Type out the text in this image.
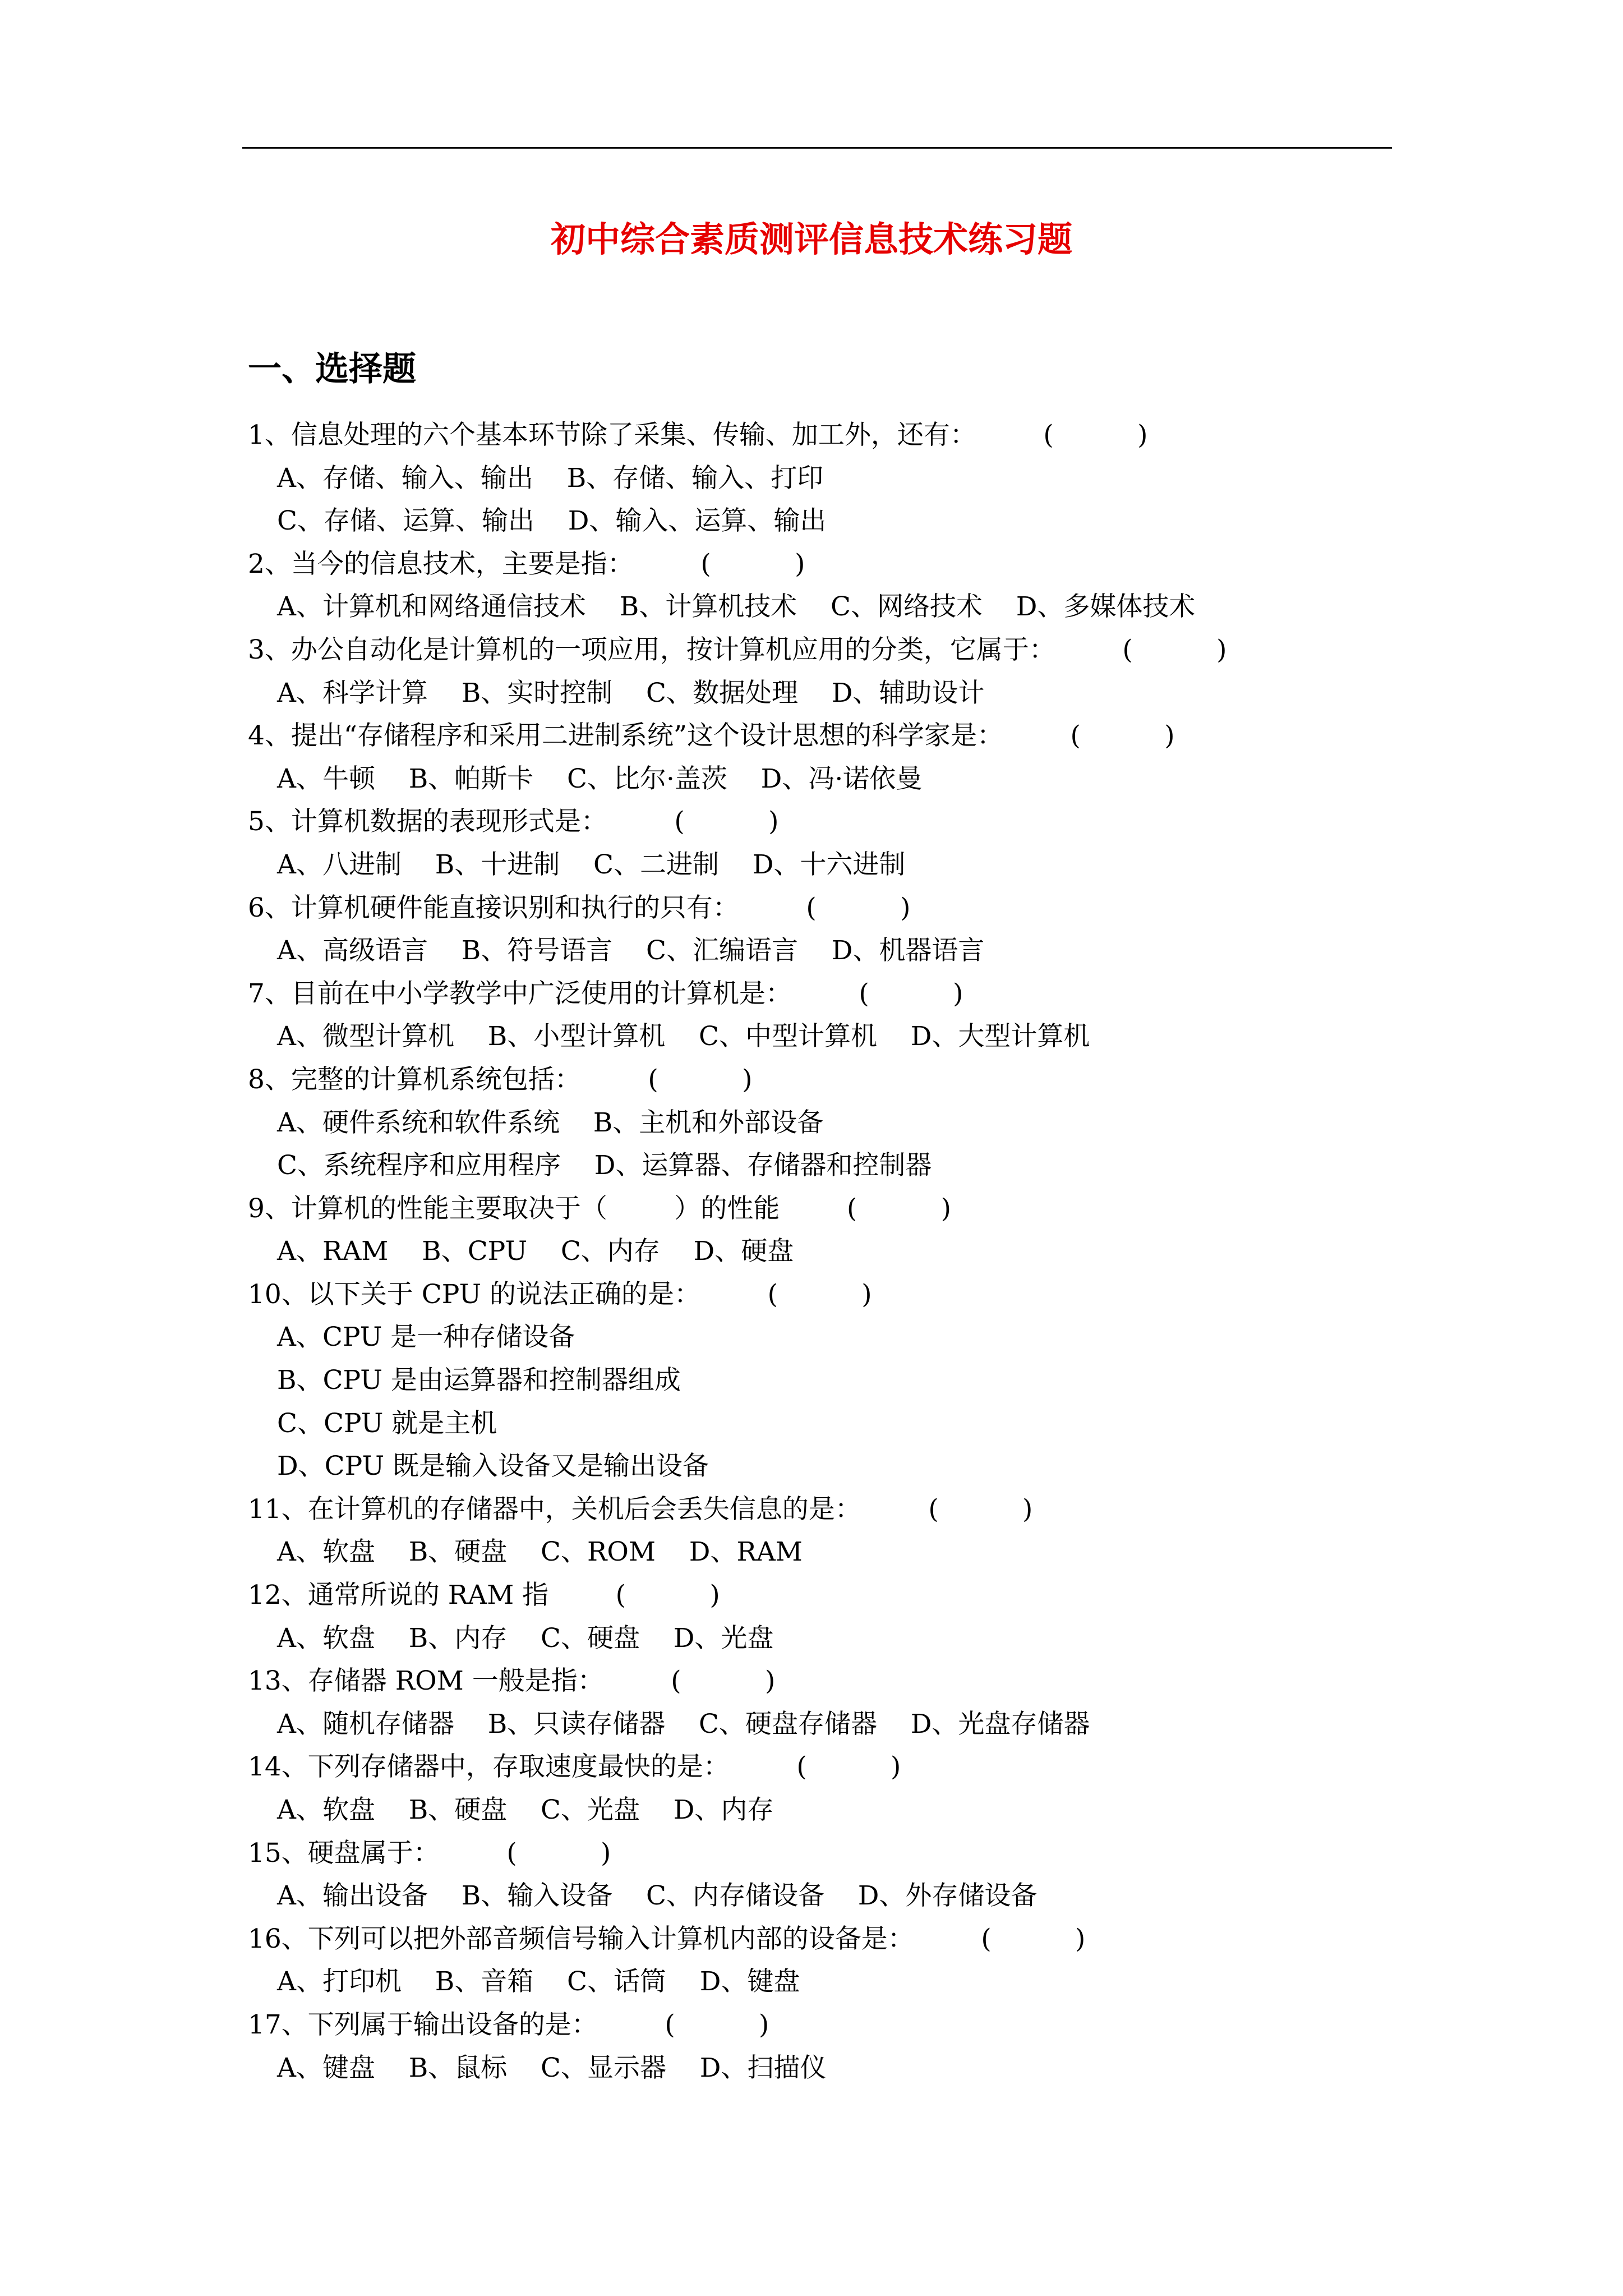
初中综合素质测评信息技术练习题
一、选择题
1、信息处理的六个基本环节除了采集、传输、加工外，还有：        (          )
A、存储、输入、输出    B、存储、输入、打印
C、存储、运算、输出    D、输入、运算、输出
2、当今的信息技术，主要是指：        (          )
A、计算机和网络通信技术    B、计算机技术    C、网络技术    D、多媒体技术
3、办公自动化是计算机的一项应用，按计算机应用的分类，它属于：        (          )
A、科学计算    B、实时控制    C、数据处理    D、辅助设计
4、提出“存储程序和采用二进制系统”这个设计思想的科学家是：        (          )
A、牛顿    B、帕斯卡    C、比尔·盖茨    D、冯·诺依曼
5、计算机数据的表现形式是：        (          )
A、八进制    B、十进制    C、二进制    D、十六进制
6、计算机硬件能直接识别和执行的只有：        (          )
A、高级语言    B、符号语言    C、汇编语言    D、机器语言
7、目前在中小学教学中广泛使用的计算机是：        (          )
A、微型计算机    B、小型计算机    C、中型计算机    D、大型计算机
8、完整的计算机系统包括：        (          )
A、硬件系统和软件系统    B、主机和外部设备
C、系统程序和应用程序    D、运算器、存储器和控制器
9、计算机的性能主要取决于（        ）的性能        (          )
A、RAM    B、CPU    C、内存    D、硬盘
10、以下关于 CPU 的说法正确的是：        (          )
A、CPU 是一种存储设备
B、CPU 是由运算器和控制器组成
C、CPU 就是主机
D、CPU 既是输入设备又是输出设备
11、在计算机的存储器中，关机后会丢失信息的是：        (          )
A、软盘    B、硬盘    C、ROM    D、RAM
12、通常所说的 RAM 指        (          )
A、软盘    B、内存    C、硬盘    D、光盘
13、存储器 ROM 一般是指：        (          )
A、随机存储器    B、只读存储器    C、硬盘存储器    D、光盘存储器
14、下列存储器中，存取速度最快的是：        (          )
A、软盘    B、硬盘    C、光盘    D、内存
15、硬盘属于：        (          )
A、输出设备    B、输入设备    C、内存储设备    D、外存储设备
16、下列可以把外部音频信号输入计算机内部的设备是：        (          )
A、打印机    B、音箱    C、话筒    D、键盘
17、下列属于输出设备的是：        (          )
A、键盘    B、鼠标    C、显示器    D、扫描仪
